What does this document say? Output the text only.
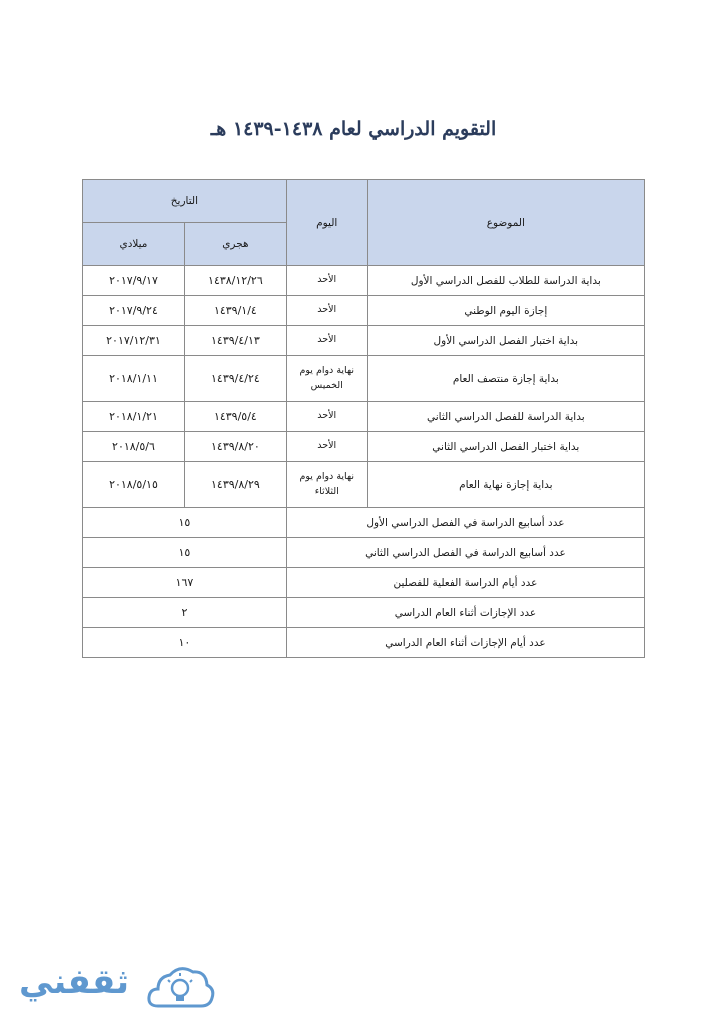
التقويم الدراسي لعام ١٤٣٨-١٤٣٩ هـ
الموضوع	اليوم	التاريخ	
		هجري	ميلادي
بداية الدراسة للطلاب للفصل الدراسي الأول	الأحد	١٤٣٨/١٢/٢٦	٢٠١٧/٩/١٧
إجازة اليوم الوطني	الأحد	١٤٣٩/١/٤	٢٠١٧/٩/٢٤
بداية اختبار الفصل الدراسي الأول	الأحد	١٤٣٩/٤/١٣	٢٠١٧/١٢/٣١
بداية إجازة منتصف العام	نهاية دوام يوم الخميس	١٤٣٩/٤/٢٤	٢٠١٨/١/١١
بداية الدراسة للفصل الدراسي الثاني	الأحد	١٤٣٩/٥/٤	٢٠١٨/١/٢١
بداية اختبار الفصل الدراسي الثاني	الأحد	١٤٣٩/٨/٢٠	٢٠١٨/٥/٦
بداية إجازة نهاية العام	نهاية دوام يوم الثلاثاء	١٤٣٩/٨/٢٩	٢٠١٨/٥/١٥
عدد أسابيع الدراسة في الفصل الدراسي الأول		١٥	
عدد أسابيع الدراسة في الفصل الدراسي الثاني		١٥	
عدد أيام الدراسة الفعلية للفصلين		١٦٧	
عدد الإجازات أثناء العام الدراسي		٢	
عدد أيام الإجازات أثناء العام الدراسي		١٠	
ثقفني
